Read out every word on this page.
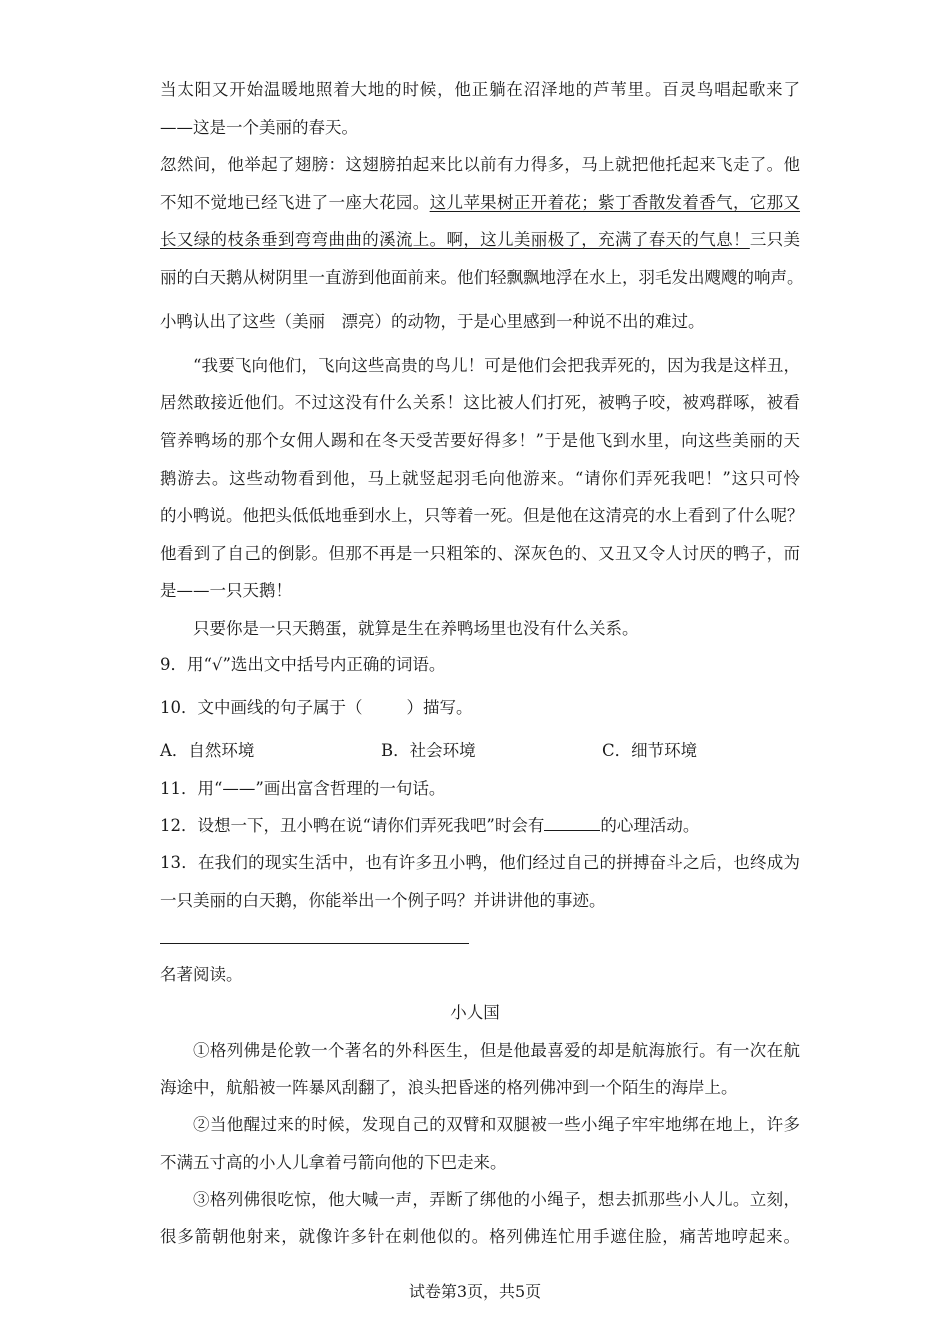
当太阳又开始温暖地照着大地的时候，他正躺在沼泽地的芦苇里。百灵鸟唱起歌来了
——这是一个美丽的春天。
忽然间，他举起了翅膀：这翅膀拍起来比以前有力得多，马上就把他托起来飞走了。他
不知不觉地已经飞进了一座大花园。这儿苹果树正开着花；紫丁香散发着香气，它那又
长又绿的枝条垂到弯弯曲曲的溪流上。啊，这儿美丽极了，充满了春天的气息！三只美
丽的白天鹅从树阴里一直游到他面前来。他们轻飘飘地浮在水上，羽毛发出飕飕的响声。
小鸭认出了这些（美丽　漂亮）的动物，于是心里感到一种说不出的难过。
“我要飞向他们，飞向这些高贵的鸟儿！可是他们会把我弄死的，因为我是这样丑，
居然敢接近他们。不过这没有什么关系！这比被人们打死，被鸭子咬，被鸡群啄，被看
管养鸭场的那个女佣人踢和在冬天受苦要好得多！”于是他飞到水里，向这些美丽的天
鹅游去。这些动物看到他，马上就竖起羽毛向他游来。“请你们弄死我吧！”这只可怜
的小鸭说。他把头低低地垂到水上，只等着一死。但是他在这清亮的水上看到了什么呢？
他看到了自己的倒影。但那不再是一只粗笨的、深灰色的、又丑又令人讨厌的鸭子，而
是——一只天鹅！
只要你是一只天鹅蛋，就算是生在养鸭场里也没有什么关系。
9．用“√”选出文中括号内正确的词语。
10．文中画线的句子属于（	）描写。
A．自然环境	B．社会环境	C．细节环境
11．用“——”画出富含哲理的一句话。
12．设想一下，丑小鸭在说“请你们弄死我吧”时会有	的心理活动。
13．在我们的现实生活中，也有许多丑小鸭，他们经过自己的拼搏奋斗之后，也终成为
一只美丽的白天鹅，你能举出一个例子吗？并讲讲他的事迹。
名著阅读。
小人国
①格列佛是伦敦一个著名的外科医生，但是他最喜爱的却是航海旅行。有一次在航
海途中，航船被一阵暴风刮翻了，浪头把昏迷的格列佛冲到一个陌生的海岸上。
②当他醒过来的时候，发现自己的双臂和双腿被一些小绳子牢牢地绑在地上，许多
不满五寸高的小人儿拿着弓箭向他的下巴走来。
③格列佛很吃惊，他大喊一声，弄断了绑他的小绳子，想去抓那些小人儿。立刻，
很多箭朝他射来，就像许多针在刺他似的。格列佛连忙用手遮住脸，痛苦地哼起来。
试卷第3页，共5页
